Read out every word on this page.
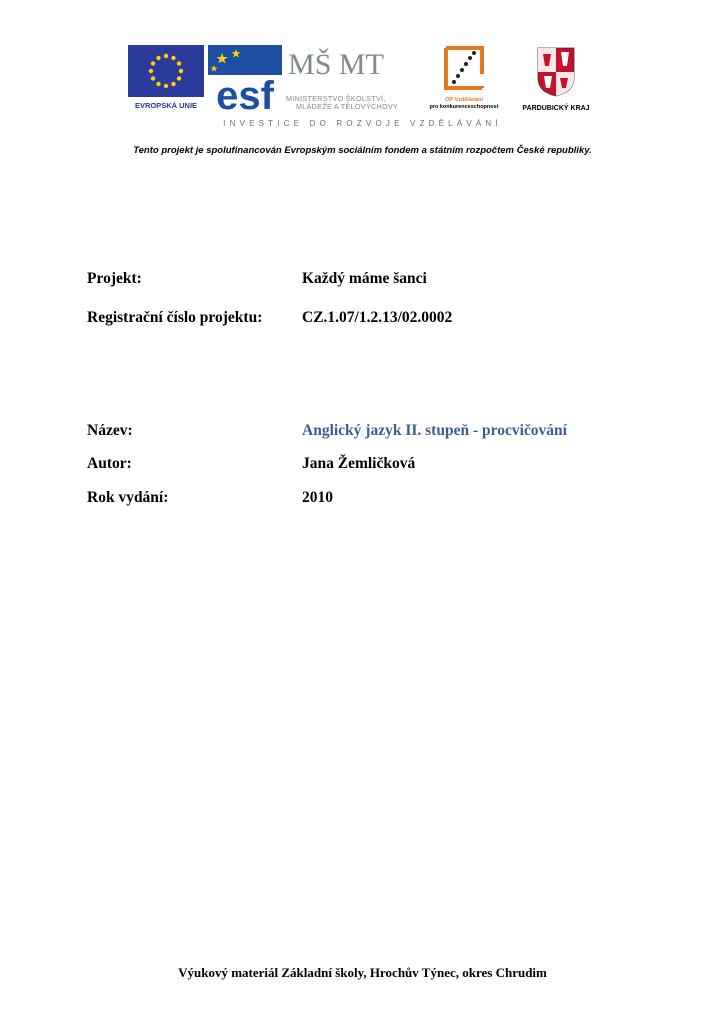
EVROPSKÁ UNIE esf
MŠ MT
MINISTERSTVO ŠKOLSTVÍ,
MLÁDEŽE A TĚLOVÝCHOVY
OP Vzdělávání
pro konkurenceschopnost	PARDUBICKÝ KRAJ
INVESTICE DO ROZVOJE VZDĚLÁVÁNÍ
Tento projekt je spolufinancován Evropským sociálním fondem a státním rozpočtem České republiky.
Projekt:	Každý máme šanci
Registrační číslo projektu:	CZ.1.07/1.2.13/02.0002
Název:	Anglický jazyk II. stupeň - procvičování
Autor:	Jana Žemličková
Rok vydání:	2010
Výukový materiál Základní školy, Hrochův Týnec, okres Chrudim
